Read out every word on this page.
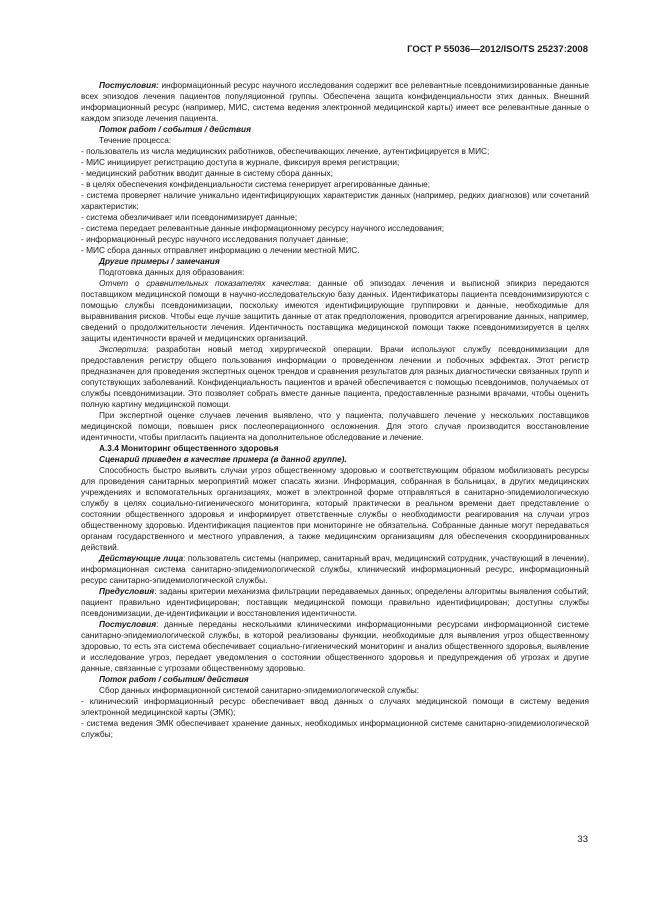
ГОСТ Р 55036—2012/ISO/TS 25237:2008

Постусловия: информационный ресурс научного исследования содержит все релевантные псевдонимизированные данные всех эпизодов лечения пациентов популяционной группы. Обеспечена защита конфиденциальности этих данных. Внешний информационный ресурс (например, МИС, система ведения электронной медицинской карты) имеет все релевантные данные о каждом эпизоде лечения пациента.

Поток работ / события / действия

Течение процесса:

- пользователь из числа медицинских работников, обеспечивающих лечение, аутентифицируется в МИС;

- МИС инициирует регистрацию доступа в журнале, фиксируя время регистрации;

- медицинский работник вводит данные в систему сбора данных;

- в целях обеспечения конфиденциальности система генерирует агрегированные данные;

- система проверяет наличие уникально идентифицирующих характеристик данных (например, редких диагнозов) или сочетаний характеристик;

- система обезличивает или псевдонимизирует данные;

- система передает релевантные данные информационному ресурсу научного исследования;

- информационный ресурс научного исследования получает данные;

- МИС сбора данных отправляет информацию о лечении местной МИС.

Другие примеры / замечания

Подготовка данных для образования:

Отчет о сравнительных показателях качества: данные об эпизодах лечения и выписной эпикриз передаются поставщиком медицинской помощи в научно-исследовательскую базу данных. Идентификаторы пациента псевдонимизируются с помощью службы псевдонимизации, поскольку имеются идентифицирующие группировки и данные, необходимые для выравнивания рисков. Чтобы еще лучше защитить данные от атак предположения, проводится агрегирование данных, например, сведений о продолжительности лечения. Идентичность поставщика медицинской помощи также псевдонимизируется в целях защиты идентичности врачей и медицинских организаций.

Экспертиза: разработан новый метод хирургической операции. Врачи используют службу псевдонимизации для предоставления регистру общего пользования информации о проведенном лечении и побочных эффектах. Этот регистр предназначен для проведения экспертных оценок трендов и сравнения результатов для разных диагностически связанных групп и сопутствующих заболеваний. Конфиденциальность пациентов и врачей обеспечивается с помощью псевдонимов, получаемых от службы псевдонимизации. Это позволяет собрать вместе данные пациента, предоставленные разными врачами, чтобы оценить полную картину медицинской помощи.

При экспертной оценке случаев лечения выявлено, что у пациента, получавшего лечение у нескольких поставщиков медицинской помощи, повышен риск послеоперационного осложнения. Для этого случая производится восстановление идентичности, чтобы пригласить пациента на дополнительное обследование и лечение.

А.3.4 Мониторинг общественного здоровья

Сценарий приведен в качестве примера (в данной группе).

Способность быстро выявить случаи угроз общественному здоровью и соответствующим образом мобилизовать ресурсы для проведения санитарных мероприятий может спасать жизни. Информация, собранная в больницах, в других медицинских учреждениях и вспомогательных организациях, может в электронной форме отправляться в санитарно-эпидемиологическую службу в целях социально-гигиенического мониторинга, который практически в реальном времени дает представление о состоянии общественного здоровья и информирует ответственные службы о необходимости реагирования на случаи угроз общественному здоровью. Идентификация пациентов при мониторинге не обязательна. Собранные данные могут передаваться органам государственного и местного управления, а также медицинским организациям для обеспечения скоординированных действий.

Действующие лица: пользователь системы (например, санитарный врач, медицинский сотрудник, участвующий в лечении), информационная система санитарно-эпидемиологической службы, клинический информационный ресурс, информационный ресурс санитарно-эпидемиологической службы.

Предусловия: заданы критерии механизма фильтрации передаваемых данных; определены алгоритмы выявления событий; пациент правильно идентифицирован; поставщик медицинской помощи правильно идентифицирован; доступны службы псевдонимизации, де-идентификации и восстановления идентичности.

Постусловия: данные переданы несколькими клиническими информационными ресурсами информационной системе санитарно-эпидемиологической службы, в которой реализованы функции, необходимые для выявления угроз общественному здоровью, то есть эта система обеспечивает социально-гигиенический мониторинг и анализ общественного здоровья, выявление и исследование угроз, передает уведомления о состоянии общественного здоровья и предупреждения об угрозах и другие данные, связанные с угрозами общественному здоровью.

Поток работ / события/ действия

Сбор данных информационной системой санитарно-эпидемиологической службы:

- клинический информационный ресурс обеспечивает ввод данных о случаях медицинской помощи в систему ведения электронной медицинской карты (ЭМК);

- система ведения ЭМК обеспечивает хранение данных, необходимых информационной системе санитарно-эпидемиологической службы;

33
